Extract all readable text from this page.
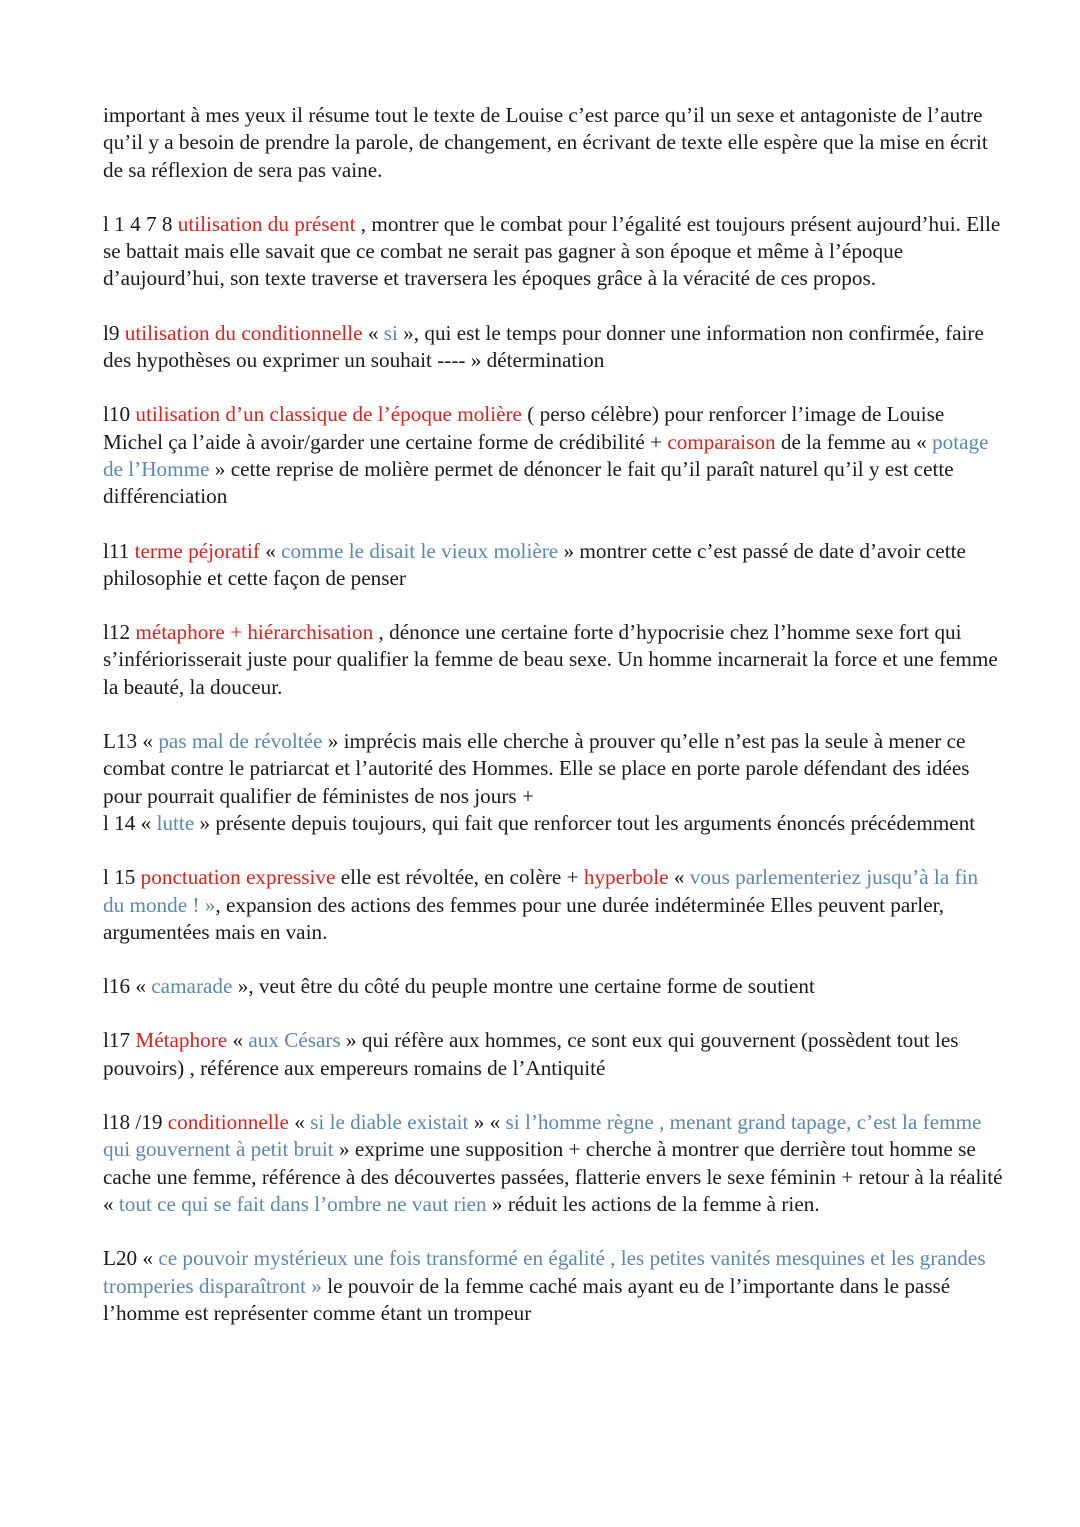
important à mes yeux il résume tout le texte de Louise c’est parce qu’il un sexe et antagoniste de l’autre qu’il y a besoin de prendre la parole, de changement, en écrivant de texte elle espère que la mise en écrit de sa réflexion de sera pas vaine.

l 1 4 7 8 utilisation du présent , montrer que le combat pour l’égalité est toujours présent aujourd’hui. Elle se battait mais elle savait que ce combat ne serait pas gagner à son époque et même à l’époque d’aujourd’hui, son texte traverse et traversera les époques grâce à la véracité de ces propos.

l9 utilisation du conditionnelle « si », qui est le temps pour donner une information non confirmée, faire des hypothèses ou exprimer un souhait ---- » détermination

l10 utilisation d’un classique de l’époque molière ( perso célèbre) pour renforcer l’image de Louise Michel ça l’aide à avoir/garder une certaine forme de crédibilité + comparaison de la femme au « potage de l’Homme » cette reprise de molière permet de dénoncer le fait qu’il paraît naturel qu’il y est cette différenciation

l11 terme péjoratif « comme le disait le vieux molière » montrer cette c’est passé de date d’avoir cette philosophie et cette façon de penser

l12 métaphore + hiérarchisation , dénonce une certaine forte d’hypocrisie chez l’homme sexe fort qui s’infériorisserait juste pour qualifier la femme de beau sexe. Un homme incarnerait la force et une femme la beauté, la douceur.

L13 « pas mal de révoltée » imprécis mais elle cherche à prouver qu’elle n’est pas la seule à mener ce combat contre le patriarcat et l’autorité des Hommes. Elle se place en porte parole défendant des idées pour pourrait qualifier de féministes de nos jours +

l 14 « lutte » présente depuis toujours, qui fait que renforcer tout les arguments énoncés précédemment

l 15 ponctuation expressive elle est révoltée, en colère + hyperbole « vous parlementeriez jusqu’à la fin du monde ! », expansion des actions des femmes pour une durée indéterminée Elles peuvent parler, argumentées mais en vain.

l16 « camarade », veut être du côté du peuple montre une certaine forme de soutient

l17 Métaphore « aux Césars » qui réfère aux hommes, ce sont eux qui gouvernent (possèdent tout les pouvoirs) , référence aux empereurs romains de l’Antiquité

l18 /19 conditionnelle « si le diable existait » « si l’homme règne , menant grand tapage, c’est la femme qui gouvernent à petit bruit » exprime une supposition + cherche à montrer que derrière tout homme se cache une femme, référence à des découvertes passées, flatterie envers le sexe féminin + retour à la réalité « tout ce qui se fait dans l’ombre ne vaut rien » réduit les actions de la femme à rien.

L20 « ce pouvoir mystérieux une fois transformé en égalité , les petites vanités mesquines et les grandes tromperies disparaîtront » le pouvoir de la femme caché mais ayant eu de l’importante dans le passé l’homme est représenter comme étant un trompeur
